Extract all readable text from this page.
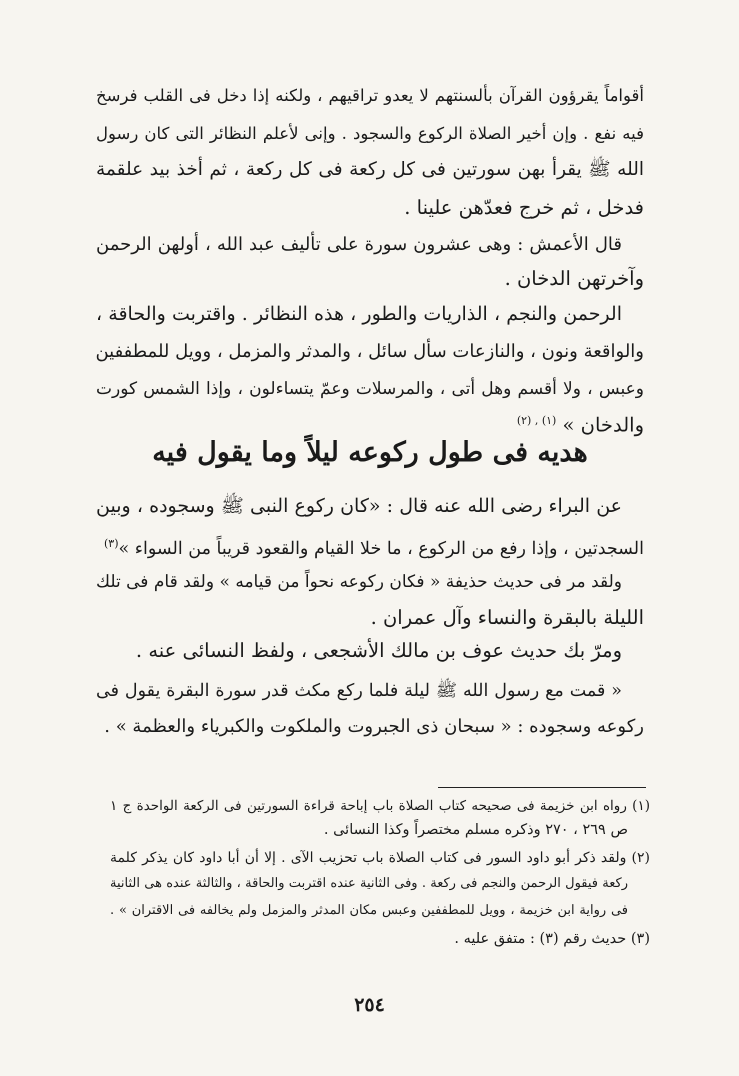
أقواماً يقرؤون القرآن بألسنتهم لا يعدو تراقيهم ، ولكنه إذا دخل فى القلب فرسخ
فيه نفع . وإن أخير الصلاة الركوع والسجود . وإنى لأعلم النظائر التى كان رسول
الله ﷺ يقرأ بهن سورتين فى كل ركعة فى كل ركعة ، ثم أخذ بيد علقمة
فدخل ، ثم خرج فعدّهن علينا .
قال الأعمش : وهى عشرون سورة على تأليف عبد الله ، أولهن الرحمن
وآخرتهن الدخان .
الرحمن والنجم ، الذاريات والطور ، هذه النظائر . واقتربت والحاقة ،
والواقعة ونون ، والنازعات سأل سائل ، والمدثر والمزمل ، وويل للمطففين
وعبس ، ولا أقسم وهل أتى ، والمرسلات وعمّ يتساءلون ، وإذا الشمس كورت
والدخان » $^{(١) , (٢)}$
هديه فى طول ركوعه ليلاً وما يقول فيه
عن البراء رضى الله عنه قال : «كان ركوع النبى ﷺ وسجوده ، وبين
السجدتين ، وإذا رفع من الركوع ، ما خلا القيام والقعود قريباً من السواء »$^{(٣)}$
ولقد مر فى حديث حذيفة « فكان ركوعه نحواً من قيامه » ولقد قام فى تلك
الليلة بالبقرة والنساء وآل عمران .
ومرّ بك حديث عوف بن مالك الأشجعى ، ولفظ النسائى عنه .
« قمت مع رسول الله ﷺ ليلة فلما ركع مكث قدر سورة البقرة يقول فى
ركوعه وسجوده : « سبحان ذى الجبروت والملكوت والكبرياء والعظمة » .
(١) رواه ابن خزيمة فى صحيحه كتاب الصلاة باب إباحة قراءة السورتين فى الركعة الواحدة ج ١
ص ٢٦٩ ، ٢٧٠ وذكره مسلم مختصراً وكذا النسائى .
(٢) ولقد ذكر أبو داود السور فى كتاب الصلاة باب تحزيب الآى . إلا أن أبا داود كان يذكر كلمة
ركعة فيقول الرحمن والنجم فى ركعة . وفى الثانية عنده اقتربت والحاقة ، والثالثة عنده هى الثانية
فى رواية ابن خزيمة ، وويل للمطففين وعبس مكان المدثر والمزمل ولم يخالفه فى الاقتران » .
(٣) حديث رقم (٣) : متفق عليه .
٢٥٤
